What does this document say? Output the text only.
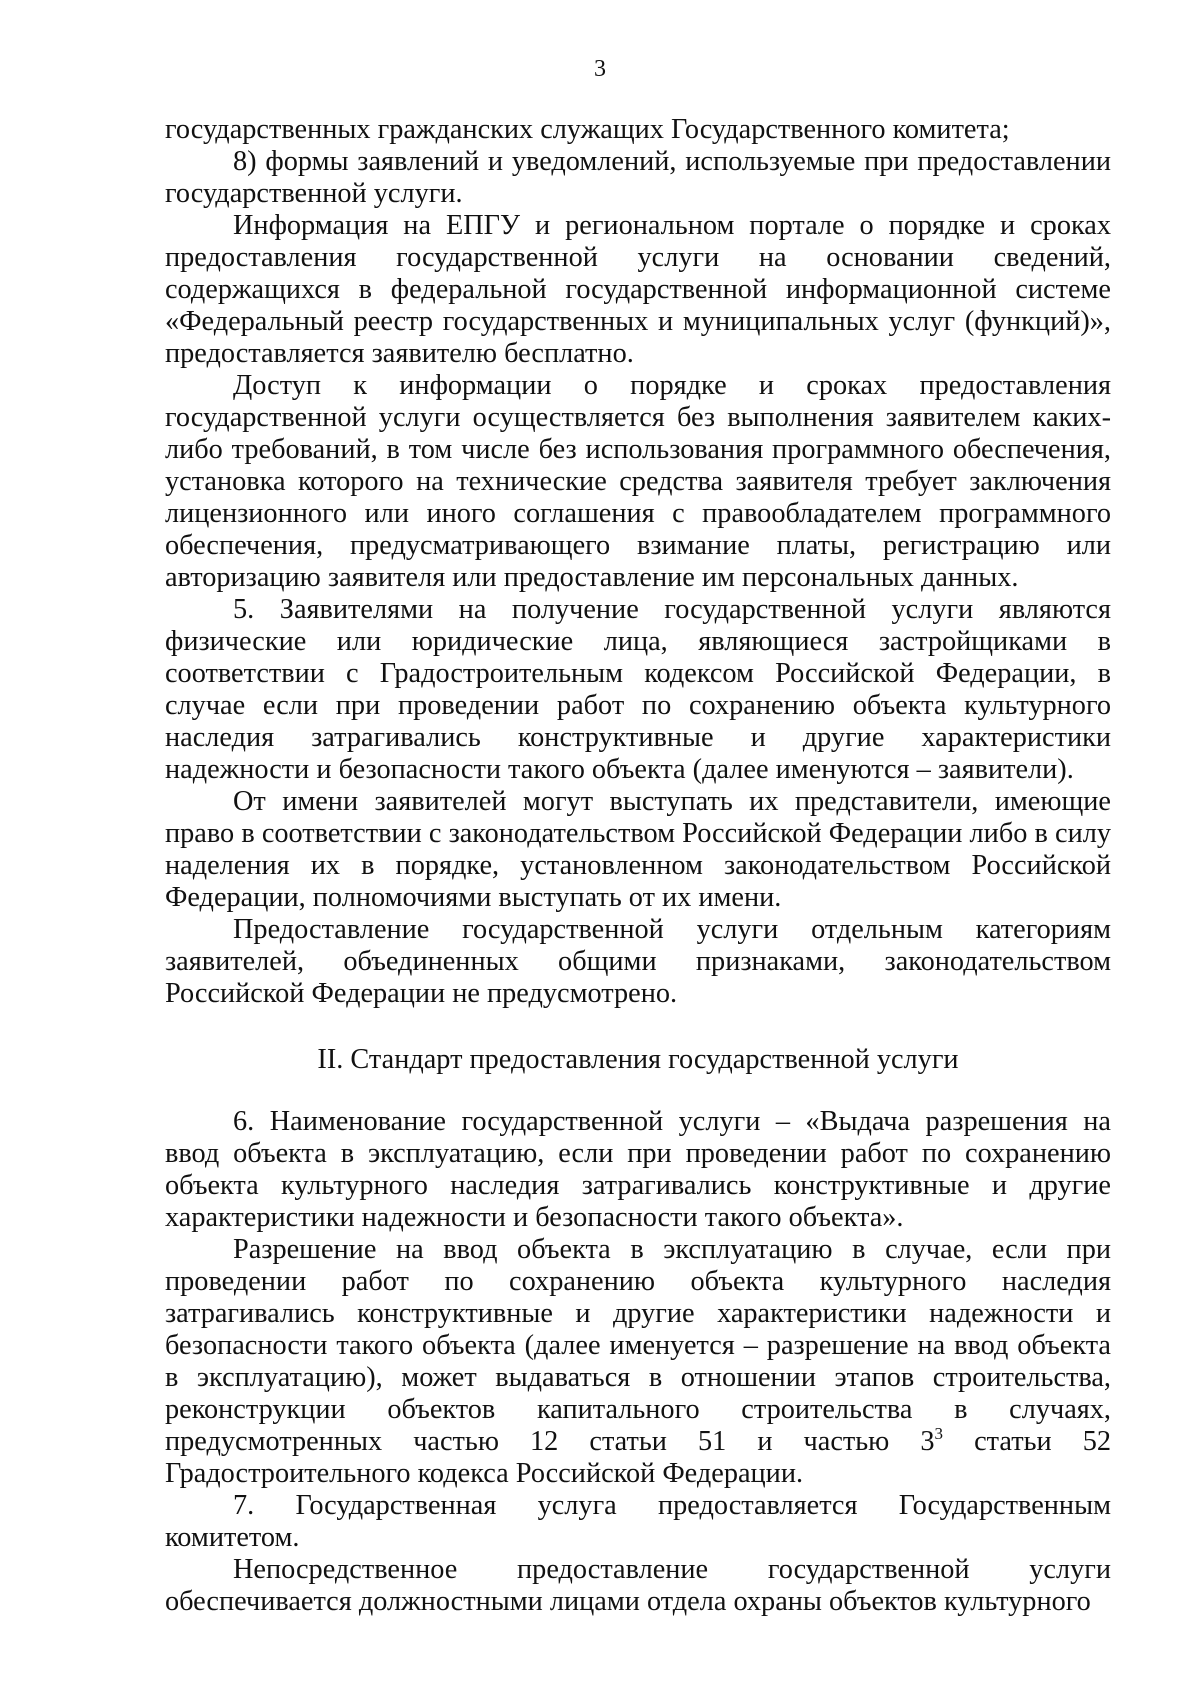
3

государственных гражданских служащих Государственного комитета;

8) формы заявлений и уведомлений, используемые при предоставлении государственной услуги.

Информация на ЕПГУ и региональном портале о порядке и сроках предоставления государственной услуги на основании сведений, содержащихся в федеральной государственной информационной системе «Федеральный реестр государственных и муниципальных услуг (функций)», предоставляется заявителю бесплатно.

Доступ к информации о порядке и сроках предоставления государственной услуги осуществляется без выполнения заявителем каких-либо требований, в том числе без использования программного обеспечения, установка которого на технические средства заявителя требует заключения лицензионного или иного соглашения с правообладателем программного обеспечения, предусматривающего взимание платы, регистрацию или авторизацию заявителя или предоставление им персональных данных.

5. Заявителями на получение государственной услуги являются физические или юридические лица, являющиеся застройщиками в соответствии с Градостроительным кодексом Российской Федерации, в случае если при проведении работ по сохранению объекта культурного наследия затрагивались конструктивные и другие характеристики надежности и безопасности такого объекта (далее именуются – заявители).

От имени заявителей могут выступать их представители, имеющие право в соответствии с законодательством Российской Федерации либо в силу наделения их в порядке, установленном законодательством Российской Федерации, полномочиями выступать от их имени.

Предоставление государственной услуги отдельным категориям заявителей, объединенных общими признаками, законодательством Российской Федерации не предусмотрено.

II. Стандарт предоставления государственной услуги

6. Наименование государственной услуги – «Выдача разрешения на ввод объекта в эксплуатацию, если при проведении работ по сохранению объекта культурного наследия затрагивались конструктивные и другие характеристики надежности и безопасности такого объекта».

Разрешение на ввод объекта в эксплуатацию в случае, если при проведении работ по сохранению объекта культурного наследия затрагивались конструктивные и другие характеристики надежности и безопасности такого объекта (далее именуется – разрешение на ввод объекта в эксплуатацию), может выдаваться в отношении этапов строительства, реконструкции объектов капитального строительства в случаях, предусмотренных частью 12 статьи 51 и частью $3^3$ статьи 52 Градостроительного кодекса Российской Федерации.

7. Государственная услуга предоставляется Государственным комитетом.

Непосредственное предоставление государственной услуги обеспечивается должностными лицами отдела охраны объектов культурного
